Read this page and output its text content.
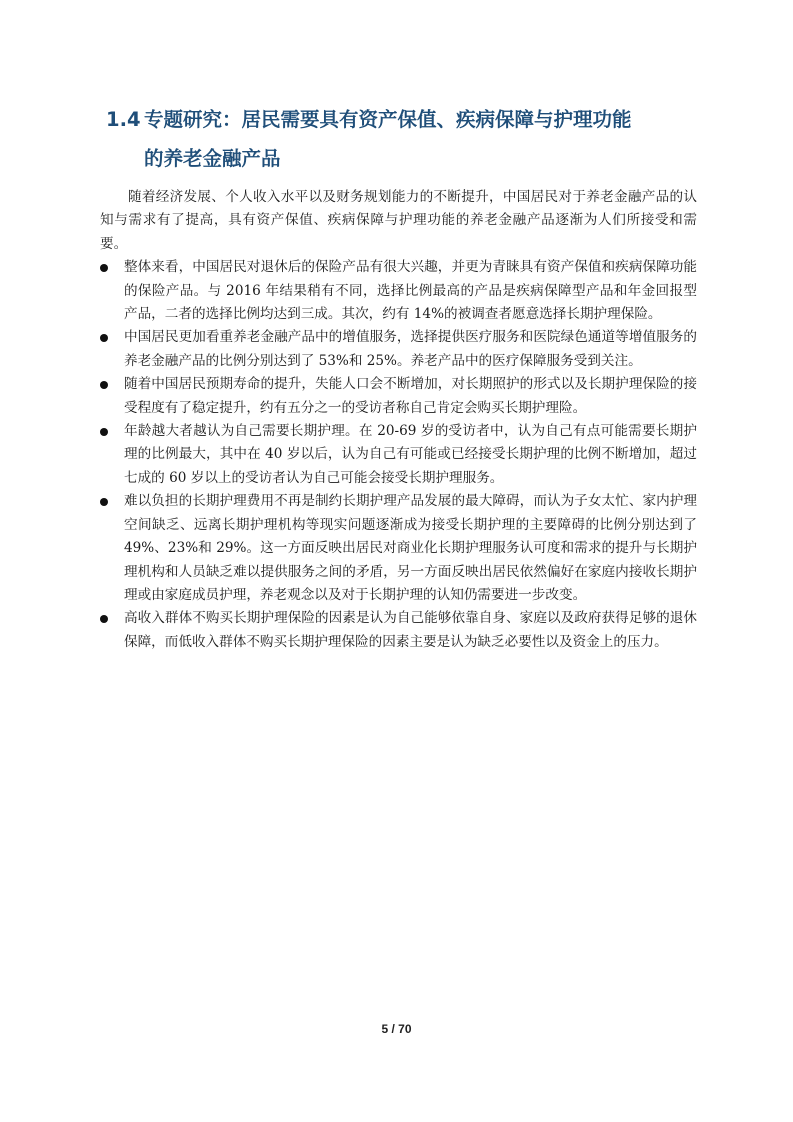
1.4 专题研究：居民需要具有资产保值、疾病保障与护理功能
的养老金融产品

随着经济发展、个人收入水平以及财务规划能力的不断提升，中国居民对于养老金融产品的认知与需求有了提高，具有资产保值、疾病保障与护理功能的养老金融产品逐渐为人们所接受和需要。

整体来看，中国居民对退休后的保险产品有很大兴趣，并更为青睐具有资产保值和疾病保障功能的保险产品。与 2016 年结果稍有不同，选择比例最高的产品是疾病保障型产品和年金回报型产品，二者的选择比例均达到三成。其次，约有 14%的被调查者愿意选择长期护理保险。
中国居民更加看重养老金融产品中的增值服务，选择提供医疗服务和医院绿色通道等增值服务的养老金融产品的比例分别达到了 53%和 25%。养老产品中的医疗保障服务受到关注。
随着中国居民预期寿命的提升，失能人口会不断增加，对长期照护的形式以及长期护理保险的接受程度有了稳定提升，约有五分之一的受访者称自己肯定会购买长期护理险。
年龄越大者越认为自己需要长期护理。在 20-69 岁的受访者中，认为自己有点可能需要长期护理的比例最大，其中在 40 岁以后，认为自己有可能或已经接受长期护理的比例不断增加，超过七成的 60 岁以上的受访者认为自己可能会接受长期护理服务。
难以负担的长期护理费用不再是制约长期护理产品发展的最大障碍，而认为子女太忙、家内护理空间缺乏、远离长期护理机构等现实问题逐渐成为接受长期护理的主要障碍的比例分别达到了 49%、23%和 29%。这一方面反映出居民对商业化长期护理服务认可度和需求的提升与长期护理机构和人员缺乏难以提供服务之间的矛盾，另一方面反映出居民依然偏好在家庭内接收长期护理或由家庭成员护理，养老观念以及对于长期护理的认知仍需要进一步改变。
高收入群体不购买长期护理保险的因素是认为自己能够依靠自身、家庭以及政府获得足够的退休保障，而低收入群体不购买长期护理保险的因素主要是认为缺乏必要性以及资金上的压力。
5 / 70
